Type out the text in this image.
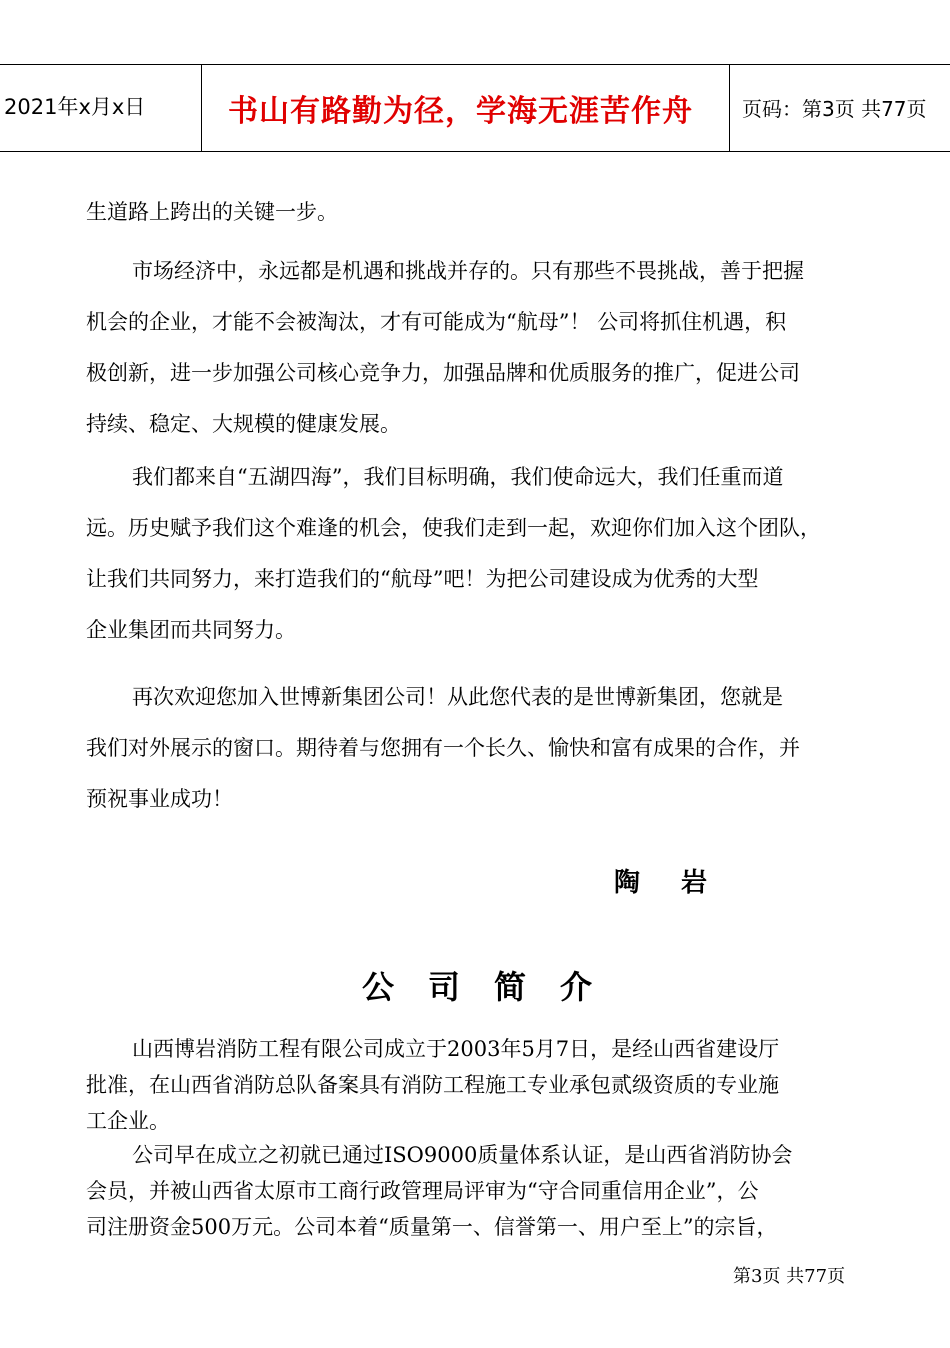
2021年x月x日	书山有路勤为径，学海无涯苦作舟 页码：第3页 共77页
生道路上跨出的关键一步。
市场经济中，永远都是机遇和挑战并存的。只有那些不畏挑战，善于把握
机会的企业，才能不会被淘汰，才有可能成为“航母”！ 公司将抓住机遇，积
极创新，进一步加强公司核心竞争力，加强品牌和优质服务的推广，促进公司
持续、稳定、大规模的健康发展。
我们都来自“五湖四海”，我们目标明确，我们使命远大，我们任重而道
远。历史赋予我们这个难逢的机会，使我们走到一起，欢迎你们加入这个团队，
让我们共同努力，来打造我们的“航母”吧！为把公司建设成为优秀的大型
企业集团而共同努力。
再次欢迎您加入世博新集团公司！从此您代表的是世博新集团，您就是
我们对外展示的窗口。期待着与您拥有一个长久、愉快和富有成果的合作，并
预祝事业成功！
陶 岩
公司简介
山西博岩消防工程有限公司成立于2003年5月7日，是经山西省建设厅
批准，在山西省消防总队备案具有消防工程施工专业承包贰级资质的专业施
工企业。
公司早在成立之初就已通过ISO9000质量体系认证，是山西省消防协会
会员，并被山西省太原市工商行政管理局评审为“守合同重信用企业”，公
司注册资金500万元。公司本着“质量第一、信誉第一、用户至上”的宗旨，
第3页 共77页
